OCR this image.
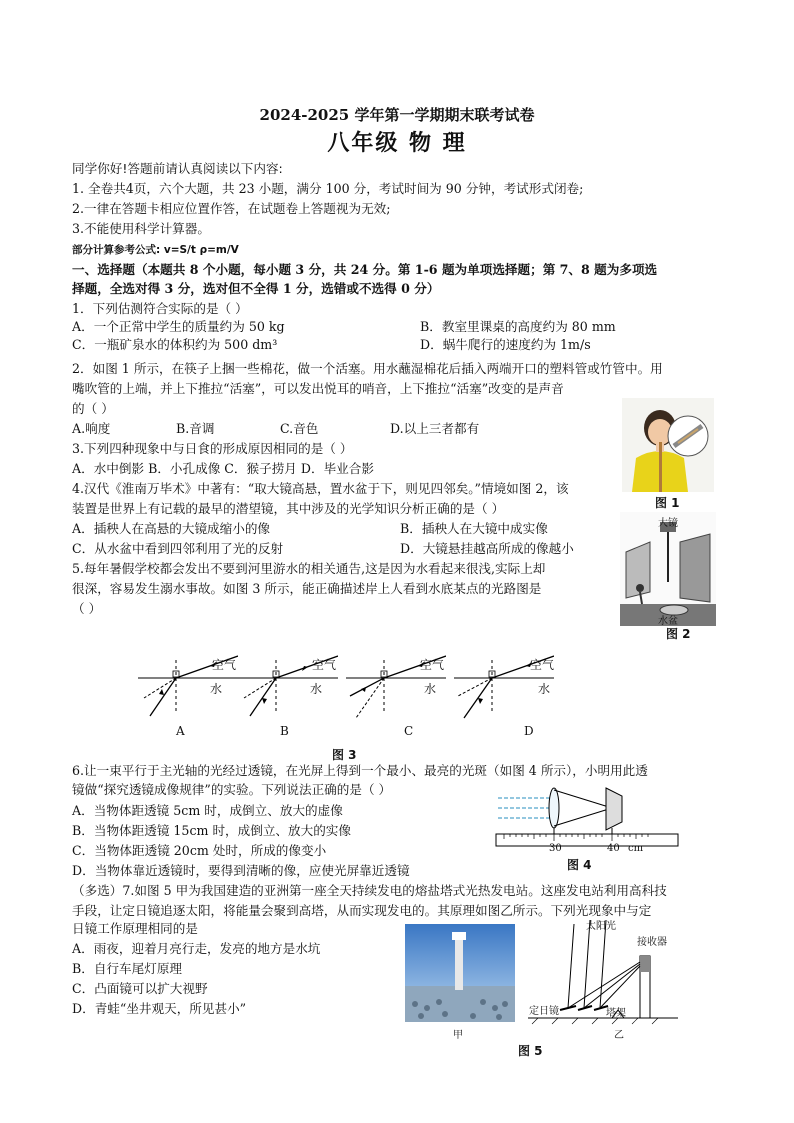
2024-2025 学年第一学期期末联考试卷
八年级 物 理
同学你好!答题前请认真阅读以下内容:
1. 全卷共4页，六个大题，共 23 小题，满分 100 分，考试时间为 90 分钟，考试形式闭卷;
2.一律在答题卡相应位置作答，在试题卷上答题视为无效;
3.不能使用科学计算器。
部分计算参考公式: v=S/t ρ=m/V
一、选择题（本题共 8 个小题，每小题 3 分，共 24 分。第 1-6 题为单项选择题；第 7、8 题为多项选
择题，全选对得 3 分，选对但不全得 1 分，选错或不选得 0 分）
1．下列估测符合实际的是（ ）
A．一个正常中学生的质量约为 50 kg	B．教室里课桌的高度约为 80 mm
C．一瓶矿泉水的体积约为 500 dm³	D．蜗牛爬行的速度约为 1m/s
2．如图 1 所示，在筷子上捆一些棉花，做一个活塞。用水蘸湿棉花后插入两端开口的塑料管或竹管中。用
嘴吹管的上端，并上下推拉“活塞”，可以发出悦耳的哨音，上下推拉“活塞”改变的是声音
的（ ）
A.响度	B.音调	C.音色	D.以上三者都有
图 1
3.下列四种现象中与日食的形成原因相同的是（ ）
A．水中倒影 B．小孔成像 C．猴子捞月 D．毕业合影
4.汉代《淮南万毕术》中著有：“取大镜高悬，置水盆于下，则见四邻矣。”情境如图 2，该
装置是世界上有记载的最早的潜望镜，其中涉及的光学知识分析正确的是（ ）
A．插秧人在高悬的大镜成缩小的像	B．插秧人在大镜中成实像
C．从水盆中看到四邻利用了光的反射	D．大镜悬挂越高所成的像越小
大镜
水盆
图 2
5.每年暑假学校都会发出不要到河里游水的相关通告,这是因为水看起来很浅,实际上却
很深，容易发生溺水事故。如图 3 所示，能正确描述岸上人看到水底某点的光路图是
（ ）
空气
水
空气
水
空气
水
空气
水
A	B	C	D
图 3
6.让一束平行于主光轴的光经过透镜，在光屏上得到一个最小、最亮的光斑（如图 4 所示），小明用此透
镜做“探究透镜成像规律”的实验。下列说法正确的是（ ）
A．当物体距透镜 5cm 时，成倒立、放大的虚像
B．当物体距透镜 15cm 时，成倒立、放大的实像
C．当物体距透镜 20cm 处时，所成的像变小
D．当物体靠近透镜时，要得到清晰的像，应使光屏靠近透镜
30	40 cm
图 4
（多选）7.如图 5 甲为我国建造的亚洲第一座全天持续发电的熔盐塔式光热发电站。这座发电站利用高科技
手段，让定日镜追逐太阳，将能量会聚到高塔，从而实现发电的。其原理如图乙所示。下列光现象中与定
日镜工作原理相同的是
A．雨夜，迎着月亮行走，发亮的地方是水坑
B．自行车尾灯原理
C．凸面镜可以扩大视野
D．青蛙“坐井观天，所见甚小”
甲
太阳光
接收器
定日镜	塔架
乙
图 5
